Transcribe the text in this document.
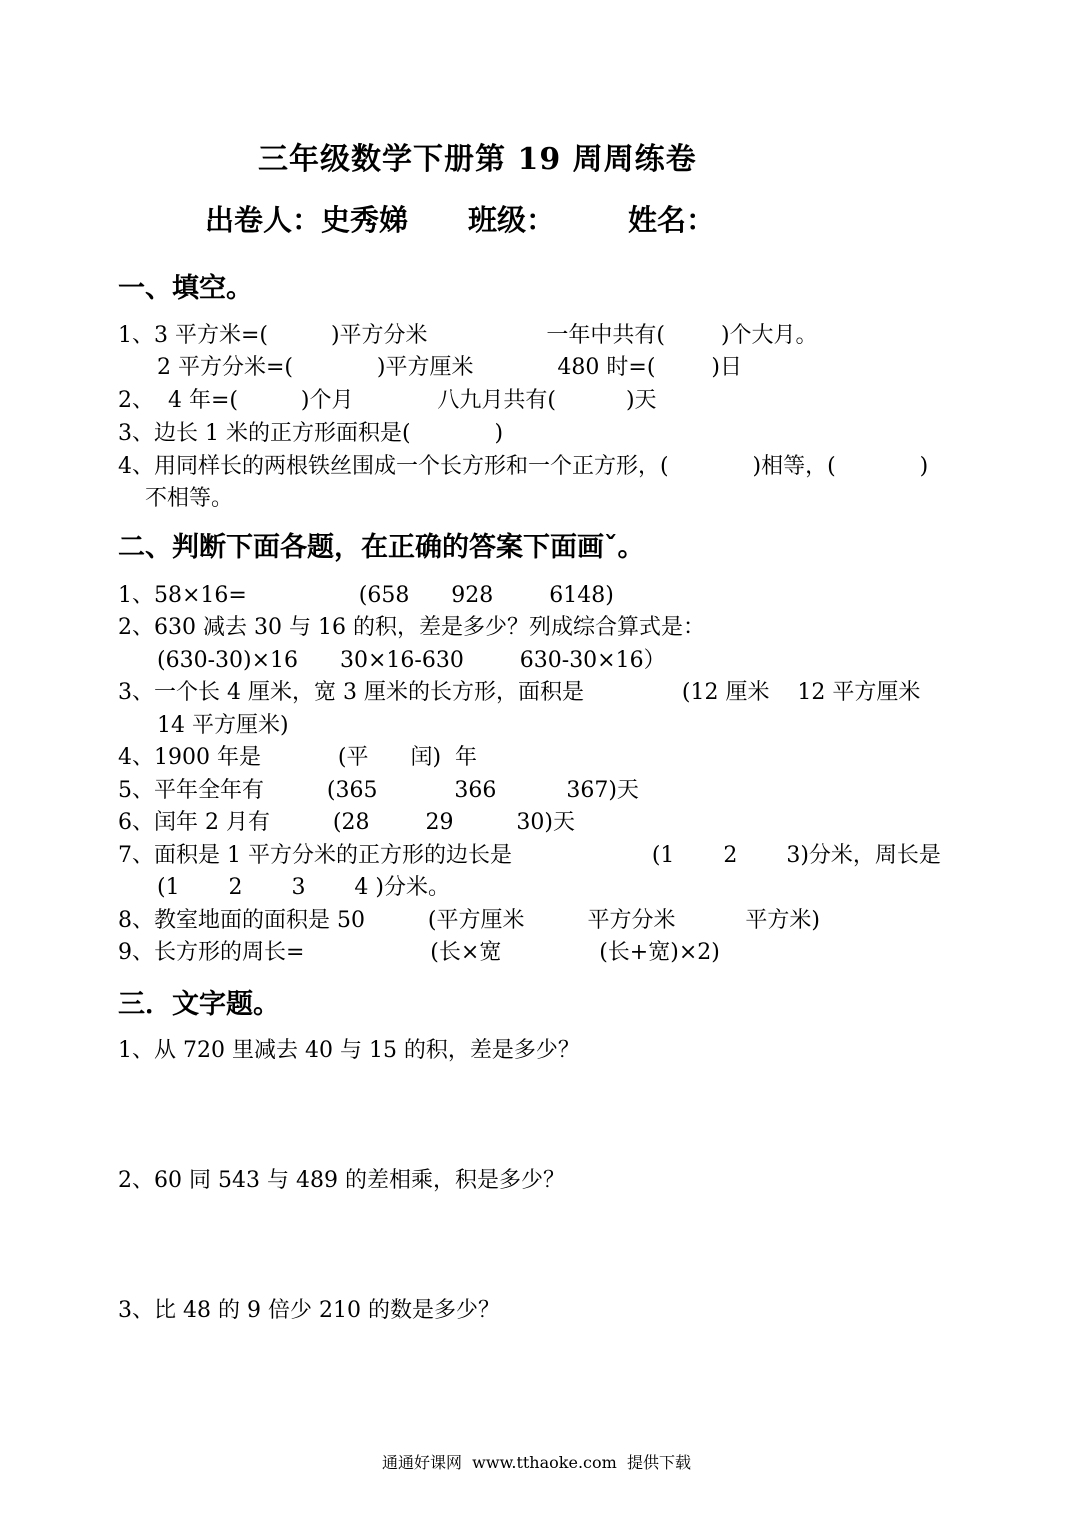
三年级数学下册第 19 周周练卷
出卷人：史秀娣 班级：	姓名：
一、填空。
1、3 平方米=(         )平方分米                 一年中共有(        )个大月。
2 平方分米=(            )平方厘米            480 时=(        )日
2、  4 年=(         )个月            八九月共有(          )天
3、边长 1 米的正方形面积是(            )
4、用同样长的两根铁丝围成一个长方形和一个正方形，(            )相等，(            )
不相等。
二、判断下面各题，在正确的答案下面画ˇ。
1、58×16=                (658      928        6148)
2、630 减去 30 与 16 的积，差是多少？列成综合算式是：
(630-30)×16      30×16-630        630-30×16）
3、一个长 4 厘米，宽 3 厘米的长方形，面积是              (12 厘米    12 平方厘米
14 平方厘米)
4、1900 年是           (平      闰)  年
5、平年全年有         (365           366          367)天
6、闰年 2 月有         (28        29         30)天
7、面积是 1 平方分米的正方形的边长是                    (1       2       3)分米，周长是
(1       2       3       4 )分米。
8、教室地面的面积是 50         (平方厘米         平方分米          平方米)
9、长方形的周长=                  (长×宽              (长+宽)×2)
三．文字题。
1、从 720 里减去 40 与 15 的积，差是多少？
2、60 同 543 与 489 的差相乘，积是多少？
3、比 48 的 9 倍少 210 的数是多少？
通通好课网  www.tthaoke.com  提供下载
